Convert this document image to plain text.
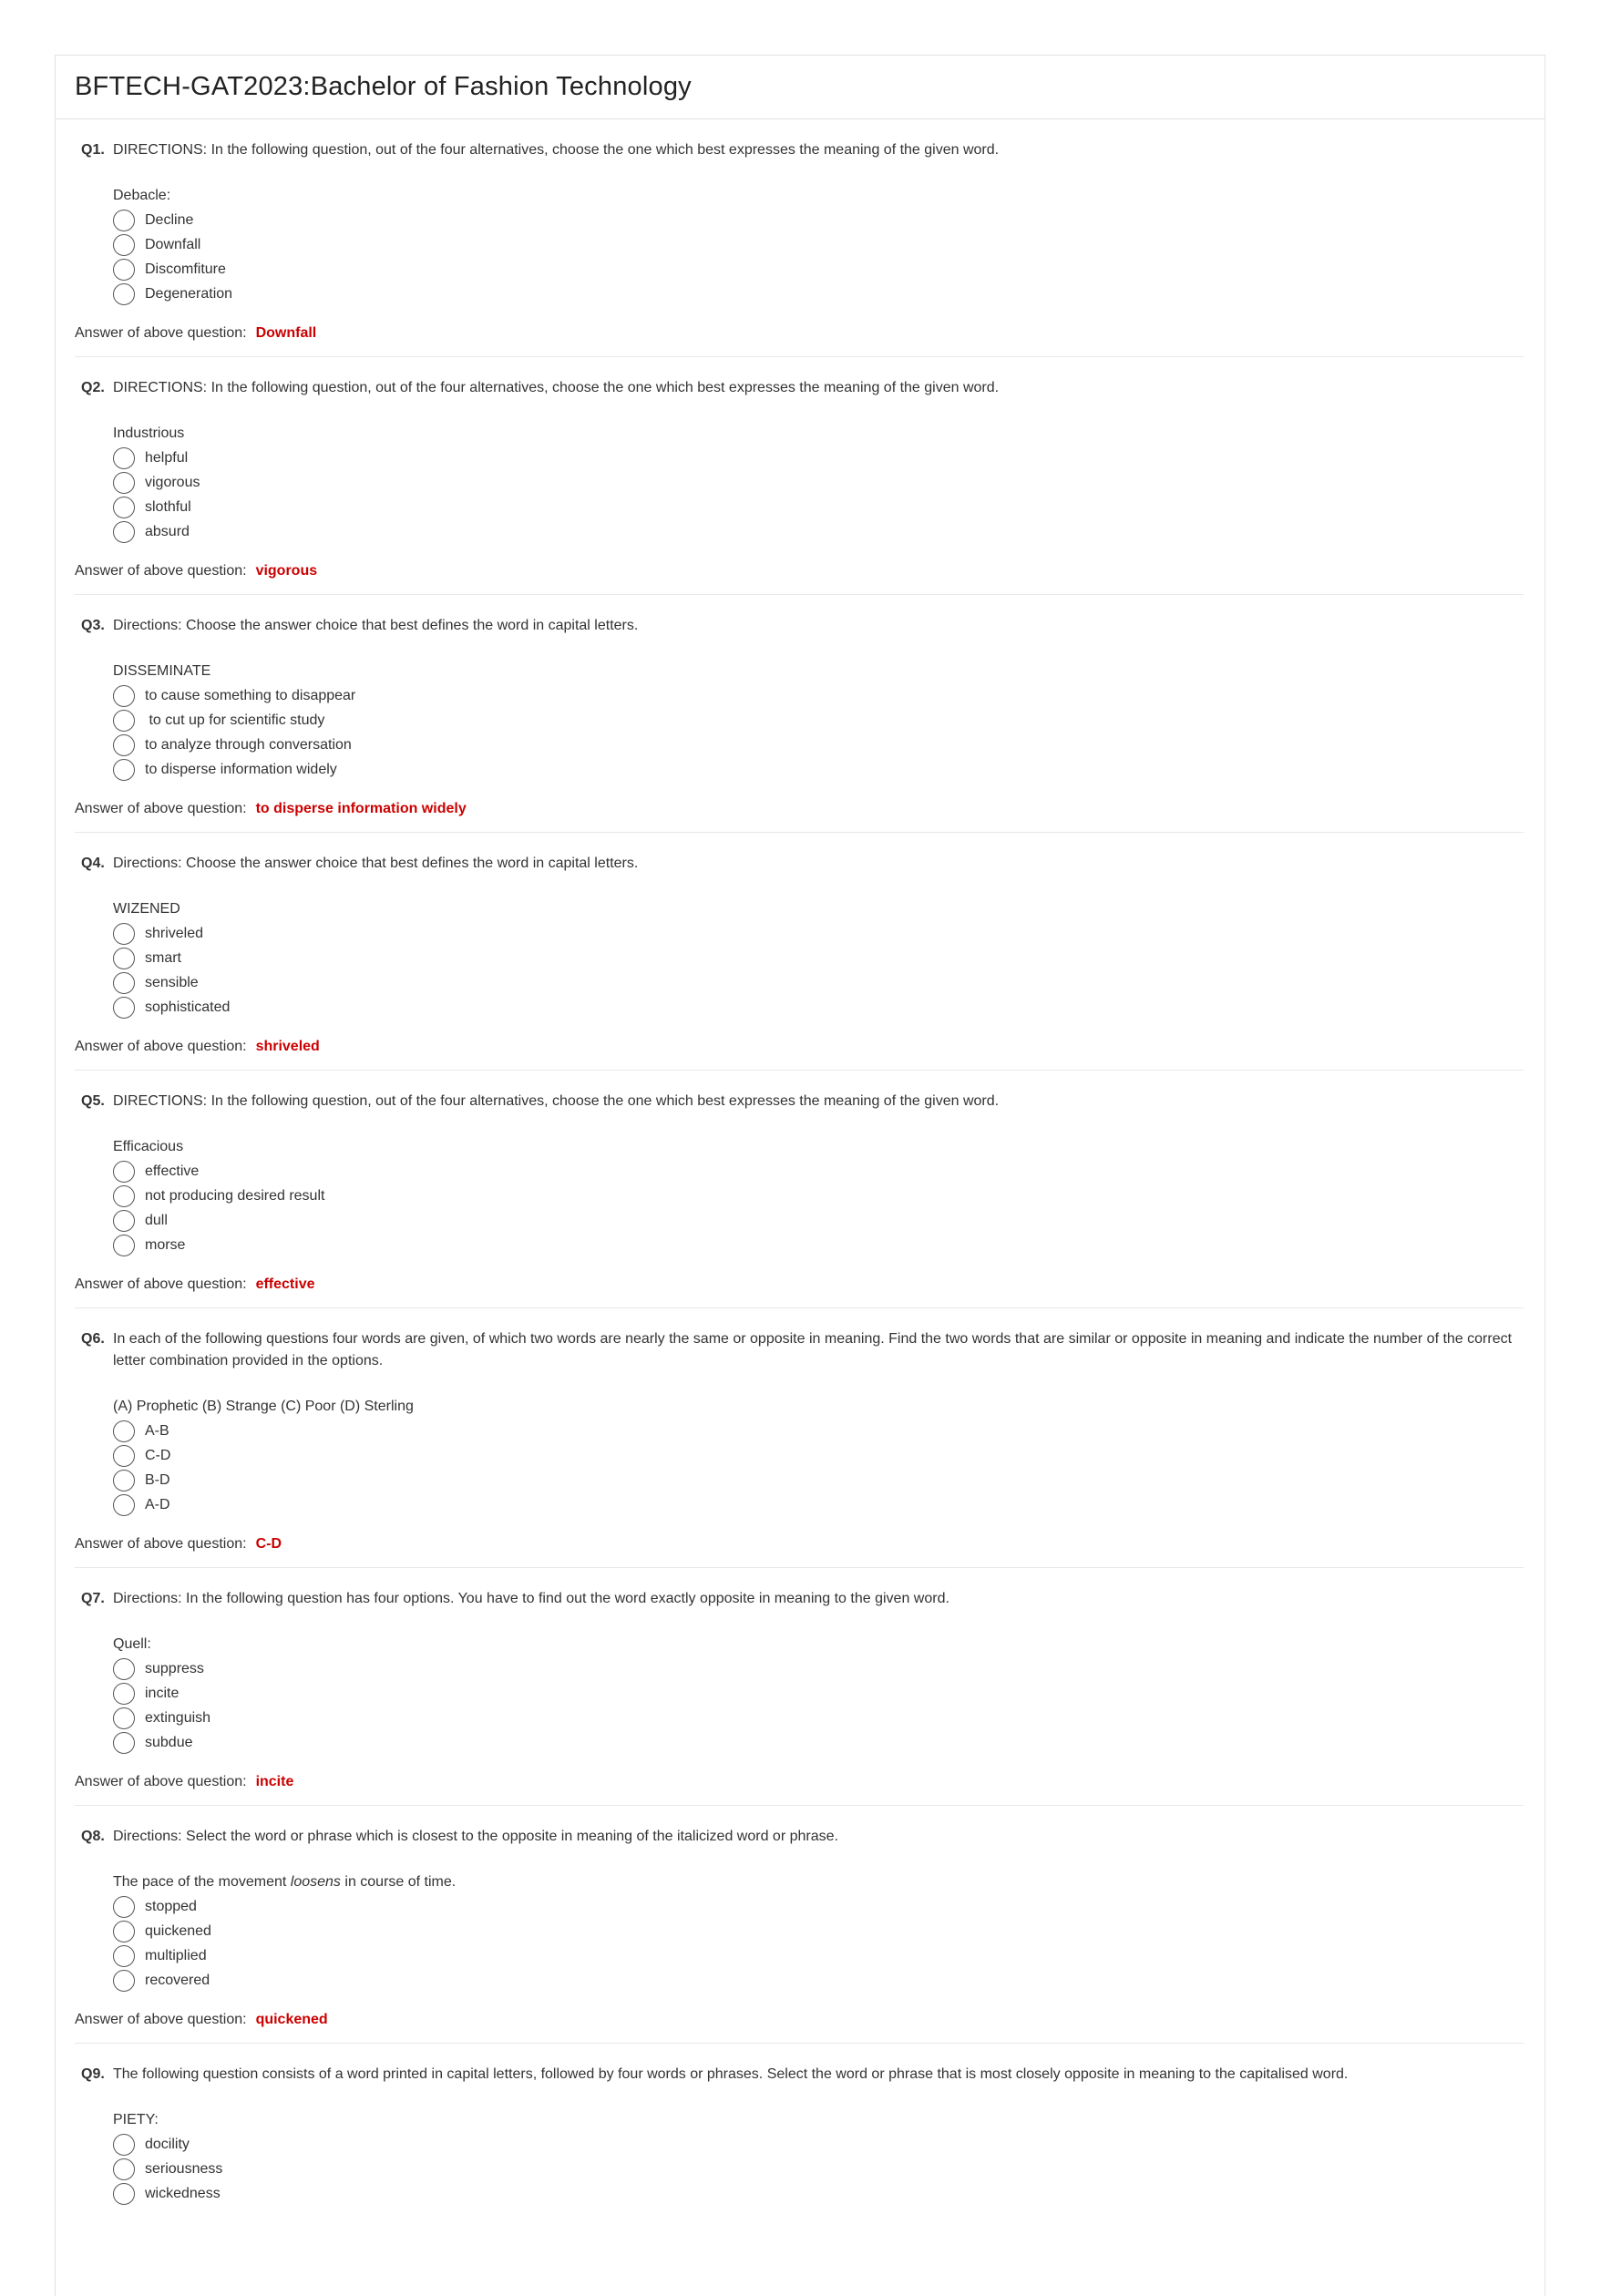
BFTECH-GAT2023:Bachelor of Fashion Technology
Q1. DIRECTIONS: In the following question, out of the four alternatives, choose the one which best expresses the meaning of the given word.
Debacle:
Decline
Downfall
Discomfiture
Degeneration
Answer of above question: Downfall
Q2. DIRECTIONS: In the following question, out of the four alternatives, choose the one which best expresses the meaning of the given word.
Industrious
helpful
vigorous
slothful
absurd
Answer of above question: vigorous
Q3. Directions: Choose the answer choice that best defines the word in capital letters.
DISSEMINATE
to cause something to disappear
to cut up for scientific study
to analyze through conversation
to disperse information widely
Answer of above question: to disperse information widely
Q4. Directions: Choose the answer choice that best defines the word in capital letters.
WIZENED
shriveled
smart
sensible
sophisticated
Answer of above question: shriveled
Q5. DIRECTIONS: In the following question, out of the four alternatives, choose the one which best expresses the meaning of the given word.
Efficacious
effective
not producing desired result
dull
morse
Answer of above question: effective
Q6. In each of the following questions four words are given, of which two words are nearly the same or opposite in meaning. Find the two words that are similar or opposite in meaning and indicate the number of the correct letter combination provided in the options.
(A) Prophetic (B) Strange (C) Poor (D) Sterling
A-B
C-D
B-D
A-D
Answer of above question: C-D
Q7. Directions: In the following question has four options. You have to find out the word exactly opposite in meaning to the given word.
Quell:
suppress
incite
extinguish
subdue
Answer of above question: incite
Q8. Directions: Select the word or phrase which is closest to the opposite in meaning of the italicized word or phrase.
The pace of the movement loosens in course of time.
stopped
quickened
multiplied
recovered
Answer of above question: quickened
Q9. The following question consists of a word printed in capital letters, followed by four words or phrases. Select the word or phrase that is most closely opposite in meaning to the capitalised word.
PIETY:
docility
seriousness
wickedness
